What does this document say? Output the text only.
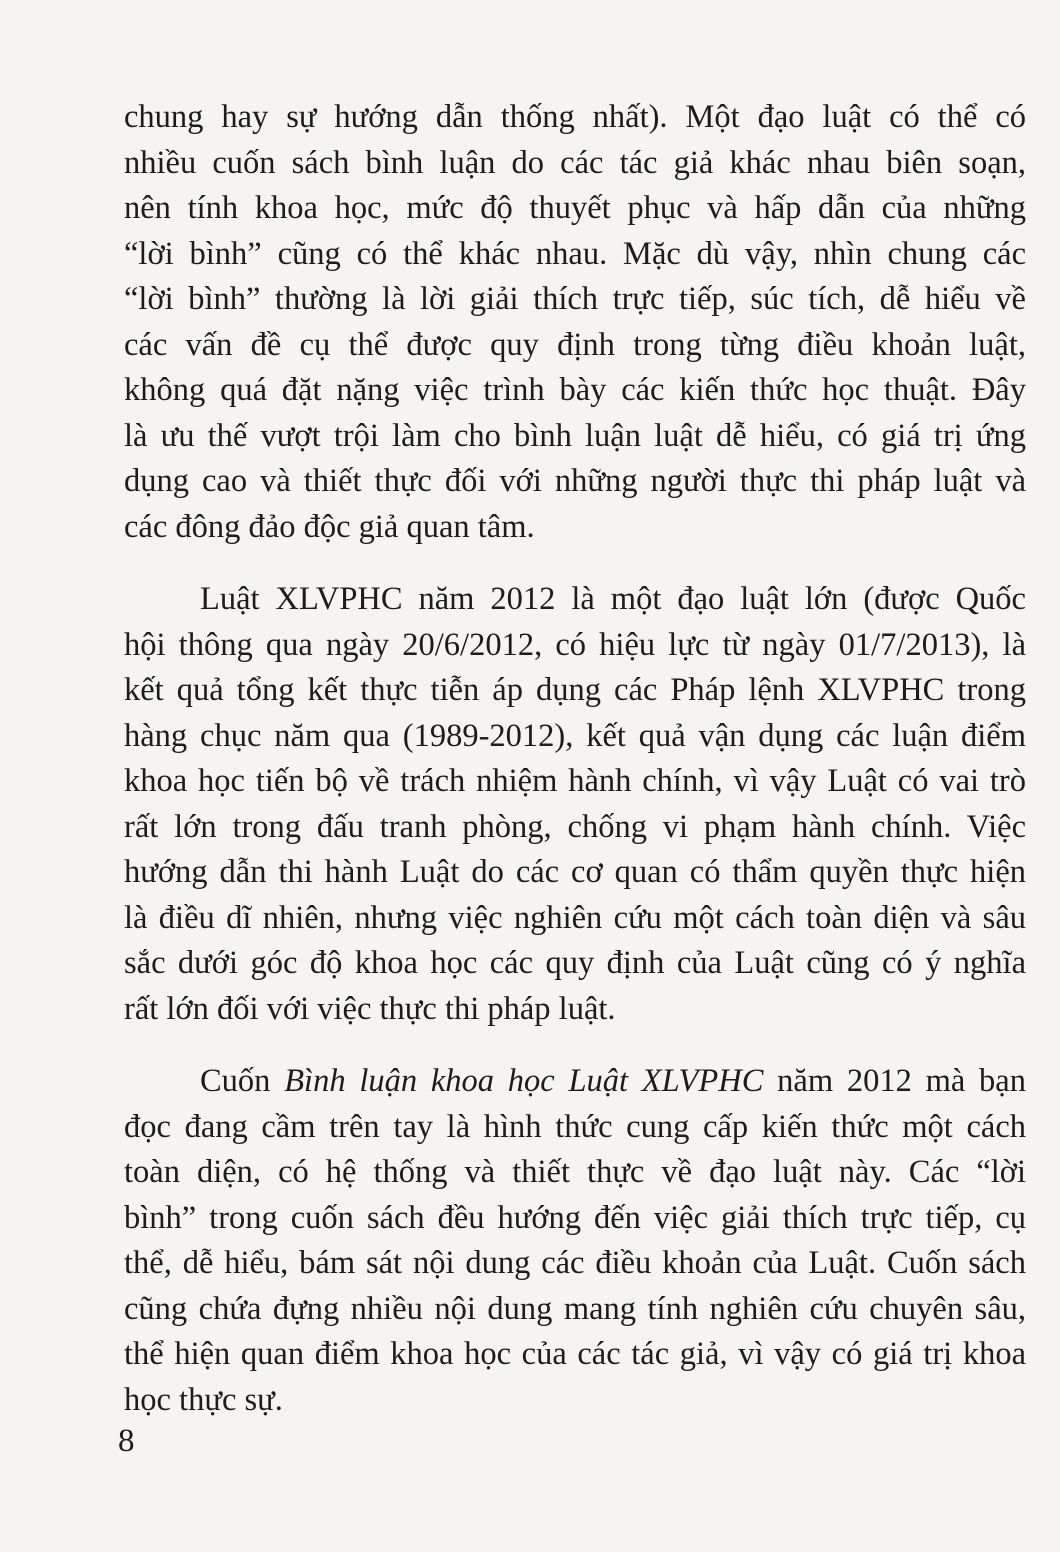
chung hay sự hướng dẫn thống nhất). Một đạo luật có thể có
nhiều cuốn sách bình luận do các tác giả khác nhau biên soạn,
nên tính khoa học, mức độ thuyết phục và hấp dẫn của những
“lời bình” cũng có thể khác nhau. Mặc dù vậy, nhìn chung các
“lời bình” thường là lời giải thích trực tiếp, súc tích, dễ hiểu về
các vấn đề cụ thể được quy định trong từng điều khoản luật,
không quá đặt nặng việc trình bày các kiến thức học thuật. Đây
là ưu thế vượt trội làm cho bình luận luật dễ hiểu, có giá trị ứng
dụng cao và thiết thực đối với những người thực thi pháp luật và
các đông đảo độc giả quan tâm.
Luật XLVPHC năm 2012 là một đạo luật lớn (được Quốc
hội thông qua ngày 20/6/2012, có hiệu lực từ ngày 01/7/2013), là
kết quả tổng kết thực tiễn áp dụng các Pháp lệnh XLVPHC trong
hàng chục năm qua (1989-2012), kết quả vận dụng các luận điểm
khoa học tiến bộ về trách nhiệm hành chính, vì vậy Luật có vai trò
rất lớn trong đấu tranh phòng, chống vi phạm hành chính. Việc
hướng dẫn thi hành Luật do các cơ quan có thẩm quyền thực hiện
là điều dĩ nhiên, nhưng việc nghiên cứu một cách toàn diện và sâu
sắc dưới góc độ khoa học các quy định của Luật cũng có ý nghĩa
rất lớn đối với việc thực thi pháp luật.
Cuốn Bình luận khoa học Luật XLVPHC năm 2012 mà bạn
đọc đang cầm trên tay là hình thức cung cấp kiến thức một cách
toàn diện, có hệ thống và thiết thực về đạo luật này. Các “lời
bình” trong cuốn sách đều hướng đến việc giải thích trực tiếp, cụ
thể, dễ hiểu, bám sát nội dung các điều khoản của Luật. Cuốn sách
cũng chứa đựng nhiều nội dung mang tính nghiên cứu chuyên sâu,
thể hiện quan điểm khoa học của các tác giả, vì vậy có giá trị khoa
học thực sự.
8
